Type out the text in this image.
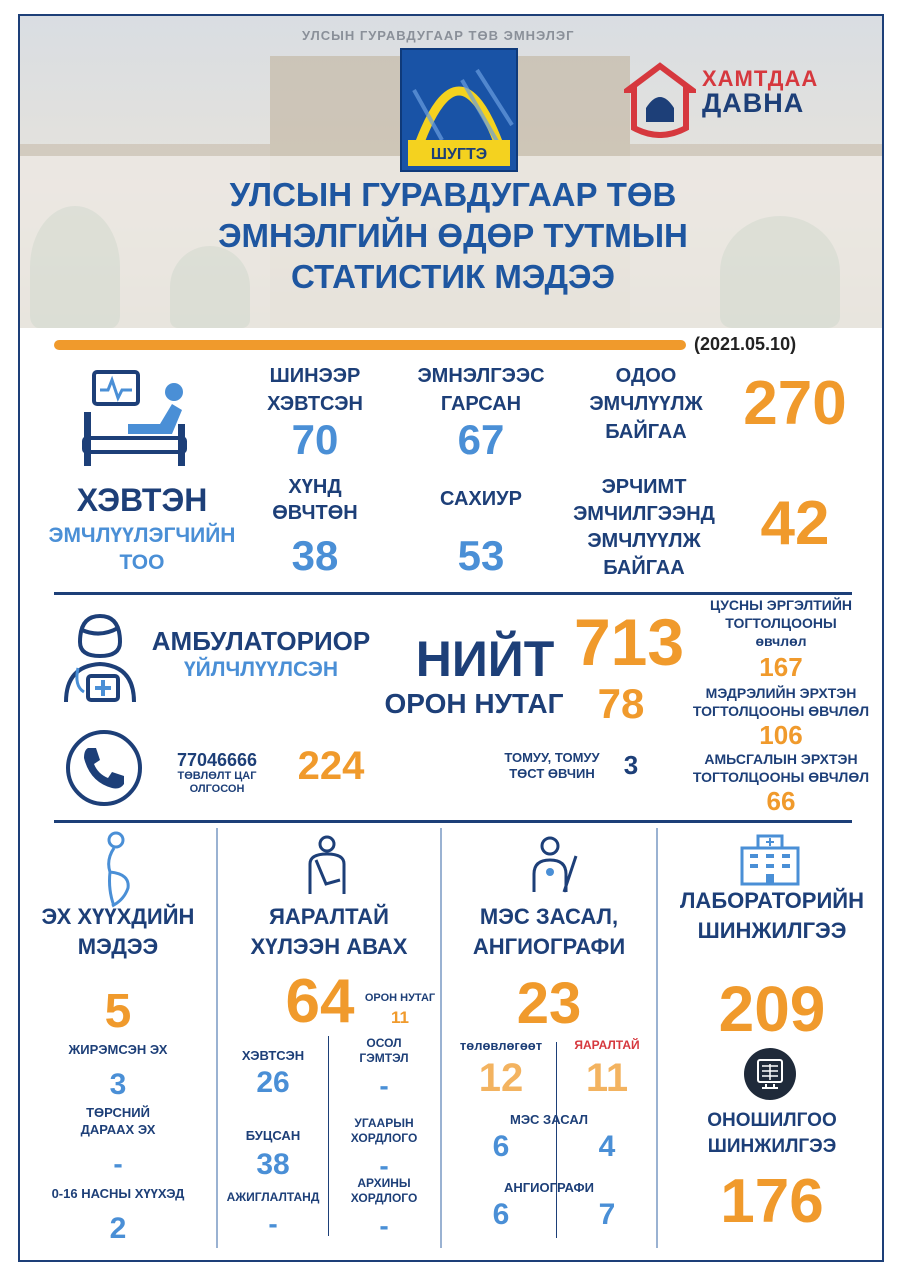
УЛСЫН ГУРАВДУГААР ТӨВ ЭМНЭЛЭГ
ШУГТЭ
ХАМТДАА
ДАВНА
УЛСЫН ГУРАВДУГААР ТӨВ
ЭМНЭЛГИЙН ӨДӨР ТУТМЫН
СТАТИСТИК МЭДЭЭ
(2021.05.10)
ХЭВТЭН
ЭМЧЛҮҮЛЭГЧИЙН
ТОО
ШИНЭЭР
ХЭВТСЭН
70
ЭМНЭЛГЭЭС
ГАРСАН
67
ОДОО
ЭМЧЛҮҮЛЖ
БАЙГАА 270
ХҮНД
ӨВЧТӨН
38
САХИУР
53
ЭРЧИМТ
ЭМЧИЛГЭЭНД
ЭМЧЛҮҮЛЖ
БАЙГАА
42
АМБУЛАТОРИОР
ҮЙЛЧЛҮҮЛСЭН	НИЙТ 713
ОРОН НУТАГ 78
ЦУСНЫ ЭРГЭЛТИЙН
ТОГТОЛЦООНЫ
өвчлөл
167
МЭДРЭЛИЙН ЭРХТЭН
ТОГТОЛЦООНЫ ӨВЧЛӨЛ
106
АМЬСГАЛЫН ЭРХТЭН
ТОГТОЛЦООНЫ ӨВЧЛӨЛ
66
77046666
ТӨВЛӨЛТ ЦАГ
ОЛГОСОН
224	ТОМУУ, ТОМУУ
ТӨСТ ӨВЧИН	3
ЭХ ХҮҮХДИЙН
МЭДЭЭ
5
ЖИРЭМСЭН ЭХ
3
ТӨРСНИЙ
ДАРААХ ЭХ
-
0-16 НАСНЫ ХҮҮХЭД
2
ЯАРАЛТАЙ
ХҮЛЭЭН АВАХ
64 ОРОН НУТАГ
11
ХЭВТСЭН
26
ОСОЛ
ГЭМТЭЛ
-
БУЦСАН
38
УГААРЫН
ХОРДЛОГО
-
АЖИГЛАЛТАНД
-
АРХИНЫ
ХОРДЛОГО
-
МЭС ЗАСАЛ,
АНГИОГРАФИ
23
төлөвлөгөөт
12
ЯАРАЛТАЙ
11
МЭС ЗАСАЛ
6	4
АНГИОГРАФИ
6	7
ЛАБОРАТОРИЙН
ШИНЖИЛГЭЭ
209
ОНОШИЛГОО
ШИНЖИЛГЭЭ
176
